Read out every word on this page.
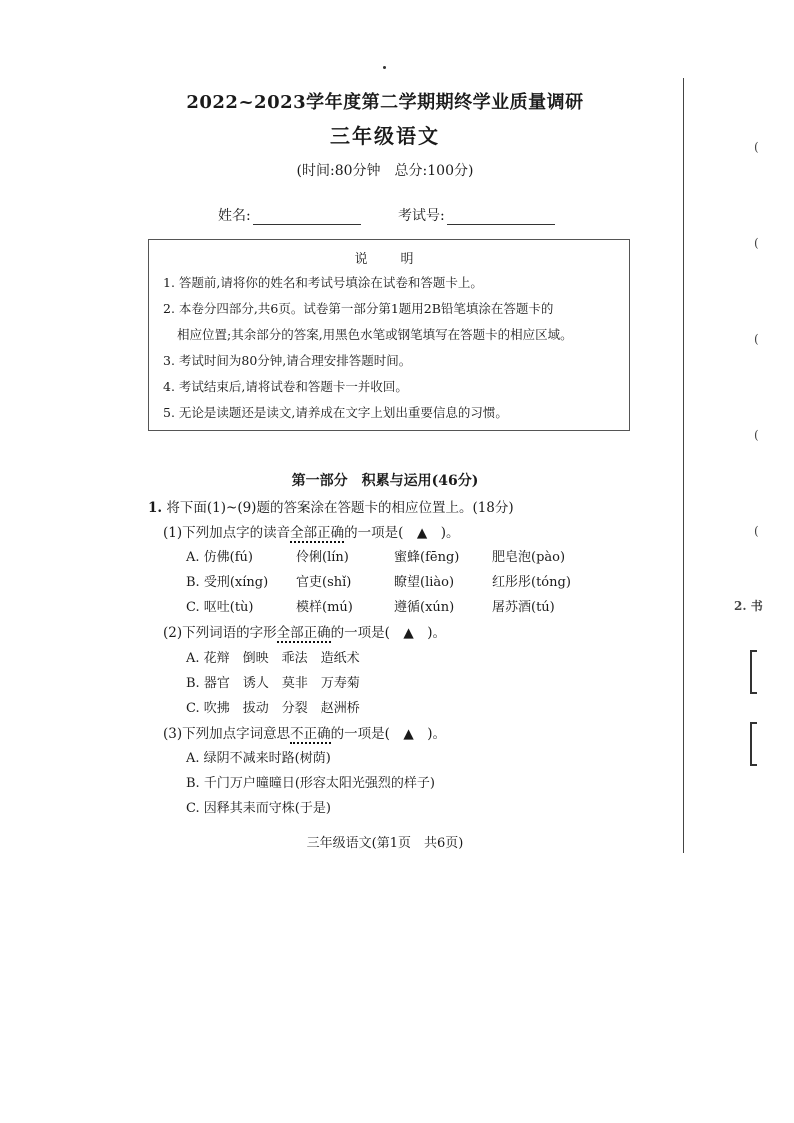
2022~2023学年度第二学期期终学业质量调研
三年级语文
(时间:80分钟　总分:100分)
姓名:	考试号:
说　明
1. 答题前,请将你的姓名和考试号填涂在试卷和答题卡上。
2. 本卷分四部分,共6页。试卷第一部分第1题用2B铅笔填涂在答题卡的
相应位置;其余部分的答案,用黑色水笔或钢笔填写在答题卡的相应区域。
3. 考试时间为80分钟,请合理安排答题时间。
4. 考试结束后,请将试卷和答题卡一并收回。
5. 无论是读题还是读文,请养成在文字上划出重要信息的习惯。
第一部分　积累与运用(46分)
1. 将下面(1)~(9)题的答案涂在答题卡的相应位置上。(18分)
(1)下列加点字的读音全部正确的一项是(　▲　)。
A. 仿佛(fú)	伶俐(lín)	蜜蜂(fēng)	肥皂泡(pào)
B. 受刑(xíng) 官吏(shǐ)	瞭望(liào)	红彤彤(tóng)
C. 呕吐(tù)	模样(mú)	遵循(xún)	屠苏酒(tú)
(2)下列词语的字形全部正确的一项是(　▲　)。
A. 花辩　倒映　乖法　造纸术
B. 器官　诱人　莫非　万寿菊
C. 吹拂　拔动　分裂　赵洲桥
(3)下列加点字词意思不正确的一项是(　▲　)。
A. 绿阴不减来时路(树荫)
B. 千门万户曈曈日(形容太阳光强烈的样子)
C. 因释其耒而守株(于是)
三年级语文(第1页　共6页)
(
(
(
(
(
2. 书
